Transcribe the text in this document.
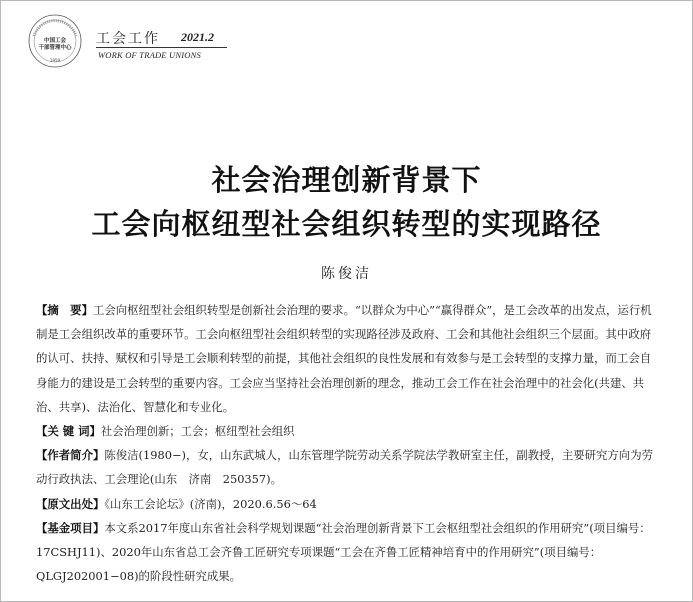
中国工会
干部管理中心
1959
工会工作 2021.2
WORK OF TRADE UNIONS
社会治理创新背景下
工会向枢纽型社会组织转型的实现路径
陈俊洁

【摘　要】工会向枢纽型社会组织转型是创新社会治理的要求。“以群众为中心”“赢得群众”，是工会改革的出发点，运行机制是工会组织改革的重要环节。工会向枢纽型社会组织转型的实现路径涉及政府、工会和其他社会组织三个层面。其中政府的认可、扶持、赋权和引导是工会顺利转型的前提，其他社会组织的良性发展和有效参与是工会转型的支撑力量，而工会自身能力的建设是工会转型的重要内容。工会应当坚持社会治理创新的理念，推动工会工作在社会治理中的社会化(共建、共治、共享)、法治化、智慧化和专业化。

【关 键 词】社会治理创新；工会；枢纽型社会组织

【作者简介】陈俊洁(1980−)，女，山东武城人，山东管理学院劳动关系学院法学教研室主任，副教授，主要研究方向为劳动行政执法、工会理论(山东　济南　250357)。

【原文出处】《山东工会论坛》(济南)，2020.6.56～64

【基金项目】本文系2017年度山东省社会科学规划课题“社会治理创新背景下工会枢纽型社会组织的作用研究”(项目编号：17CSHJ11)、2020年山东省总工会齐鲁工匠研究专项课题“工会在齐鲁工匠精神培育中的作用研究”(项目编号：QLGJ202001−08)的阶段性研究成果。
